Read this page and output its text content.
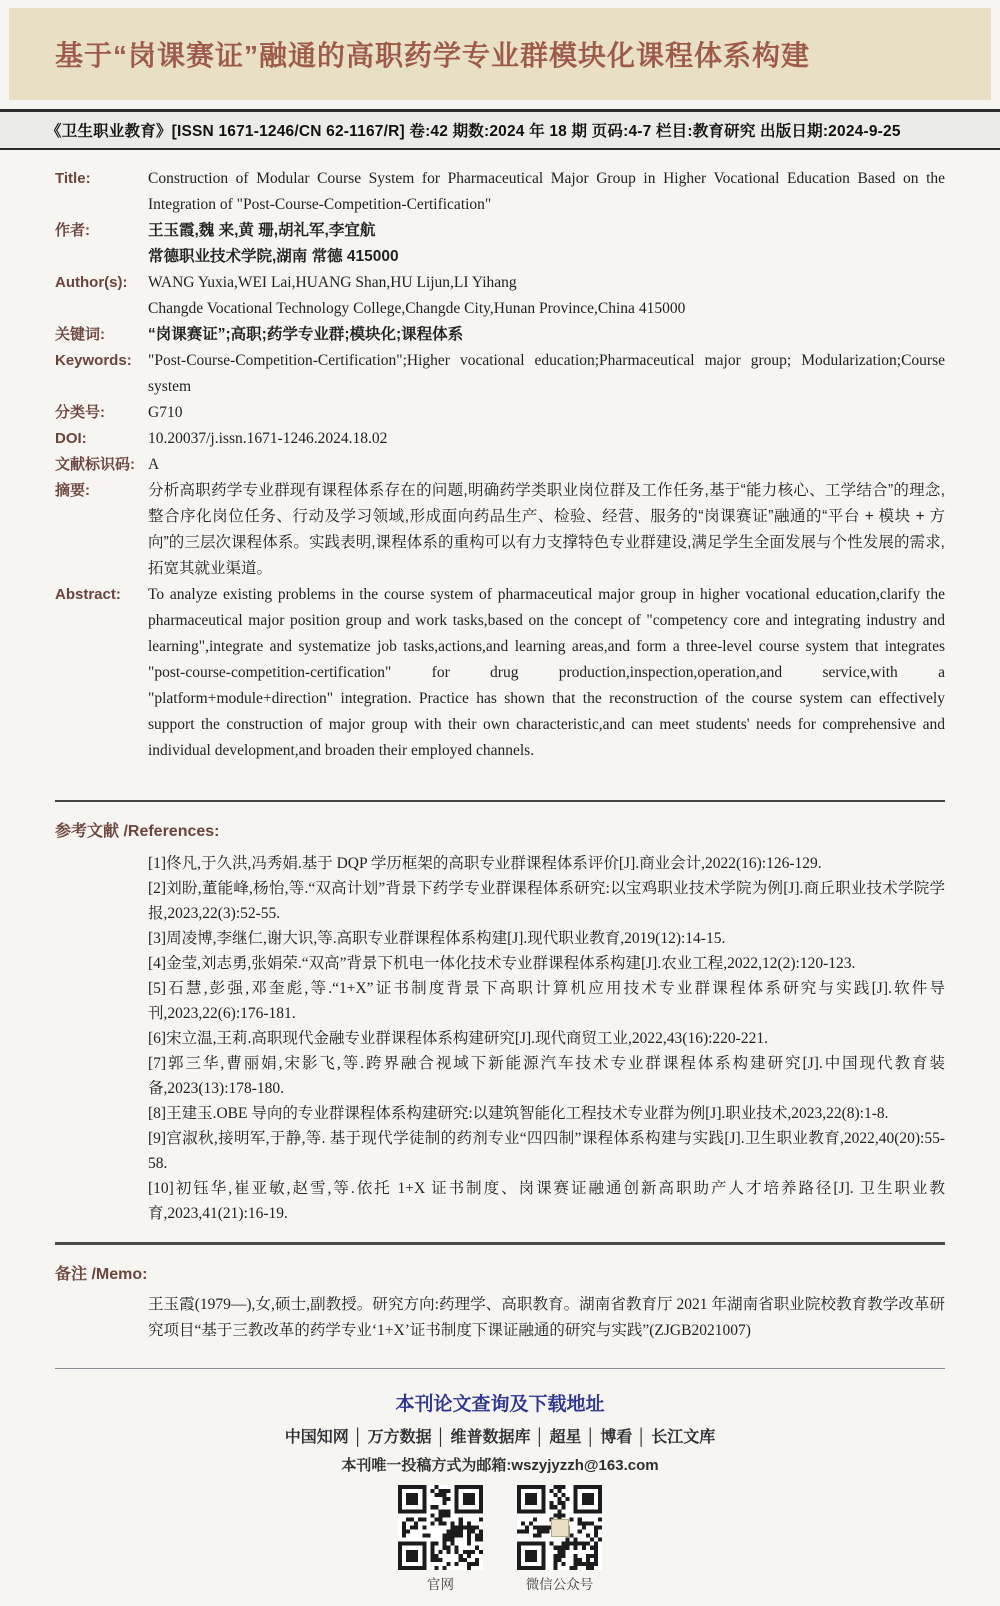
基于“岗课赛证”融通的高职药学专业群模块化课程体系构建
《卫生职业教育》[ISSN 1671-1246/CN 62-1167/R] 卷:42 期数:2024 年 18 期 页码:4-7 栏目:教育研究 出版日期:2024-9-25
Title:	Construction of Modular Course System for Pharmaceutical Major Group in Higher Vocational Education Based on the Integration of "Post-Course-Competition-Certification"
作者:	王玉霞,魏 来,黄 珊,胡礼军,李宜航
常德职业技术学院,湖南 常德 415000
Author(s):	WANG Yuxia,WEI Lai,HUANG Shan,HU Lijun,LI Yihang
Changde Vocational Technology College,Changde City,Hunan Province,China 415000
关键词:	“岗课赛证”;高职;药学专业群;模块化;课程体系
Keywords:	"Post-Course-Competition-Certification";Higher vocational education;Pharmaceutical major group; Modularization;Course system
分类号:	G710
DOI:	10.20037/j.issn.1671-1246.2024.18.02
文献标识码: A
摘要:	分析高职药学专业群现有课程体系存在的问题,明确药学类职业岗位群及工作任务,基于“能力核心、工学结合”的理念,整合序化岗位任务、行动及学习领域,形成面向药品生产、检验、经营、服务的“岗课赛证”融通的“平台 + 模块 + 方向”的三层次课程体系。实践表明,课程体系的重构可以有力支撑特色专业群建设,满足学生全面发展与个性发展的需求,拓宽其就业渠道。
Abstract:	To analyze existing problems in the course system of pharmaceutical major group in higher vocational education,clarify the pharmaceutical major position group and work tasks,based on the concept of "competency core and integrating industry and learning",integrate and systematize job tasks,actions,and learning areas,and form a three-level course system that integrates "post-course-competition-certification" for drug production,inspection,operation,and service,with a "platform+module+direction" integration. Practice has shown that the reconstruction of the course system can effectively support the construction of major group with their own characteristic,and can meet students' needs for comprehensive and individual development,and broaden their employed channels.
参考文献 /References:
[1]佟凡,于久洪,冯秀娟.基于 DQP 学历框架的高职专业群课程体系评价[J].商业会计,2022(16):126-129.
[2]刘盼,董能峰,杨怡,等.“双高计划”背景下药学专业群课程体系研究:以宝鸡职业技术学院为例[J].商丘职业技术学院学报,2023,22(3):52-55.
[3]周凌博,李继仁,谢大识,等.高职专业群课程体系构建[J].现代职业教育,2019(12):14-15.
[4]金莹,刘志勇,张娟荣.“双高”背景下机电一体化技术专业群课程体系构建[J].农业工程,2022,12(2):120-123.
[5]石慧,彭强,邓奎彪,等.“1+X”证书制度背景下高职计算机应用技术专业群课程体系研究与实践[J].软件导刊,2023,22(6):176-181.
[6]宋立温,王莉.高职现代金融专业群课程体系构建研究[J].现代商贸工业,2022,43(16):220-221.
[7]郭三华,曹丽娟,宋影飞,等.跨界融合视域下新能源汽车技术专业群课程体系构建研究[J].中国现代教育装备,2023(13):178-180.
[8]王建玉.OBE 导向的专业群课程体系构建研究:以建筑智能化工程技术专业群为例[J].职业技术,2023,22(8):1-8.
[9]宫淑秋,接明军,于静,等. 基于现代学徒制的药剂专业“四四制”课程体系构建与实践[J].卫生职业教育,2022,40(20):55-58.
[10]初钰华,崔亚敏,赵雪,等.依托 1+X 证书制度、岗课赛证融通创新高职助产人才培养路径[J]. 卫生职业教育,2023,41(21):16-19.
备注 /Memo:
王玉霞(1979—),女,硕士,副教授。研究方向:药理学、高职教育。湖南省教育厅 2021 年湖南省职业院校教育教学改革研究项目“基于三教改革的药学专业‘1+X’证书制度下课证融通的研究与实践”(ZJGB2021007)
本刊论文查询及下载地址
中国知网 │ 万方数据 │ 维普数据库 │ 超星 │ 博看 │ 长江文库
本刊唯一投稿方式为邮箱:wszyjyzzh@163.com
官网	微信公众号
